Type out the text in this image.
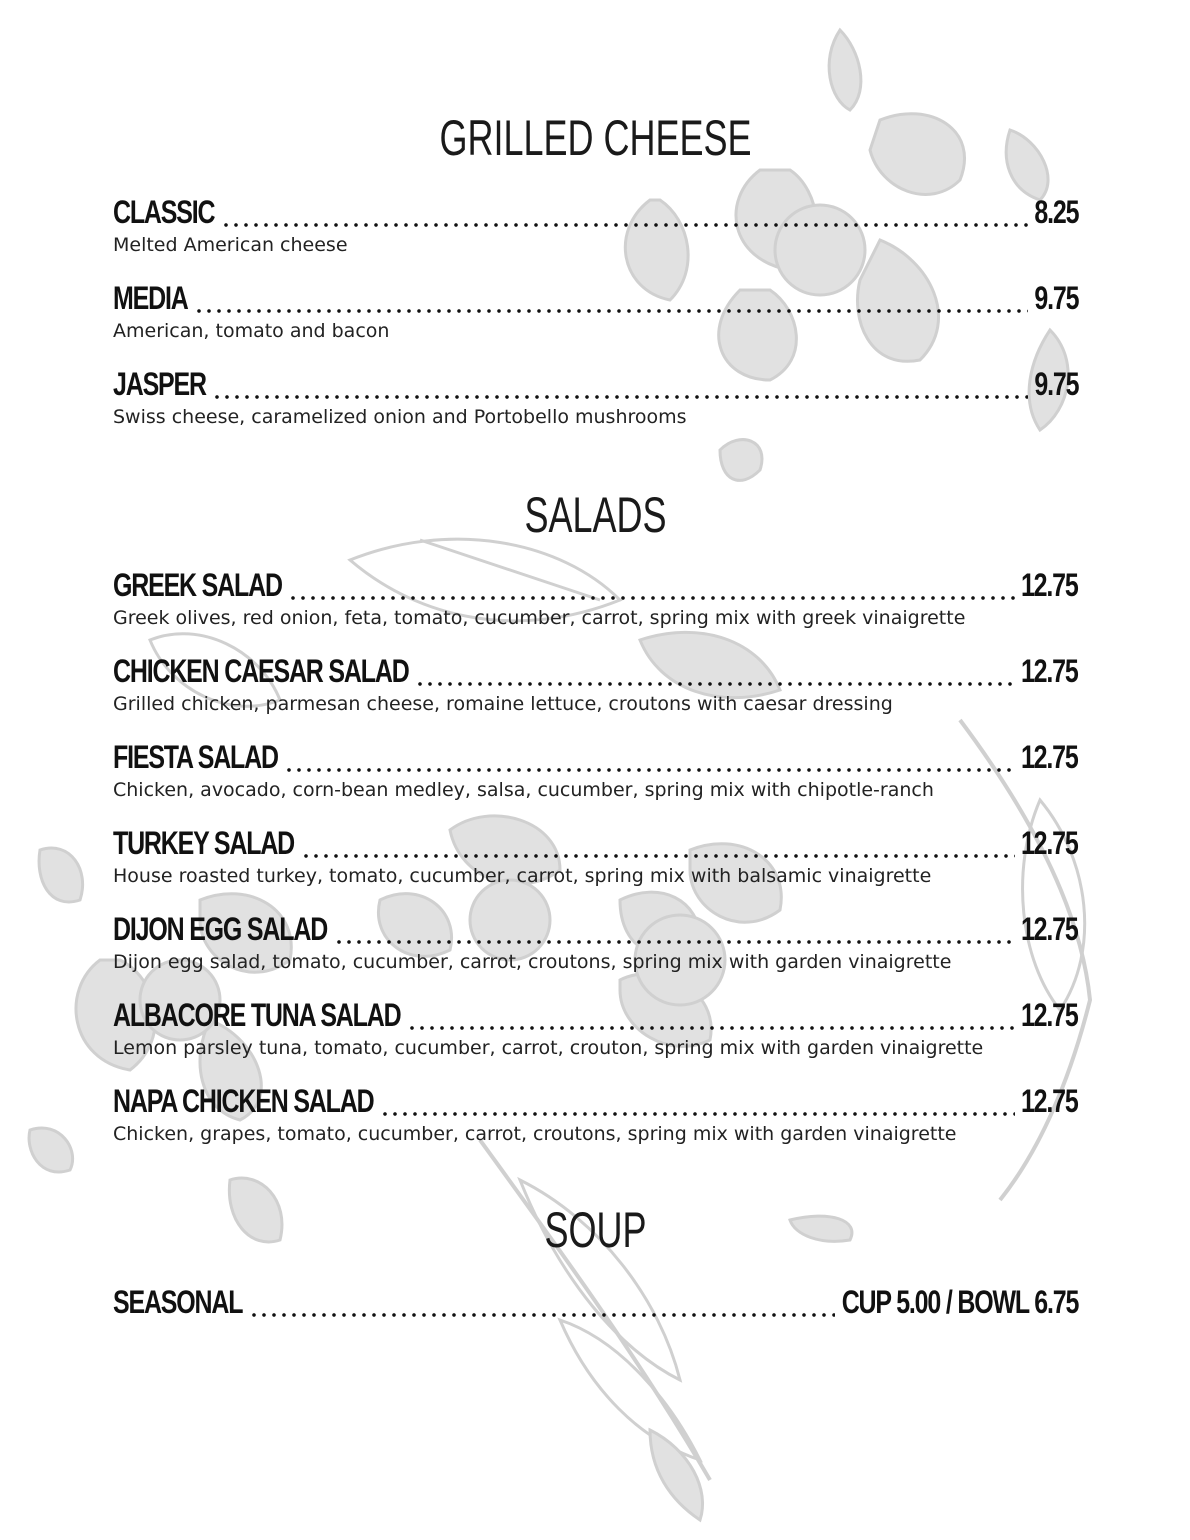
GRILLED CHEESE
CLASSIC	8.25
Melted American cheese
MEDIA	9.75
American, tomato and bacon
JASPER	9.75
Swiss cheese, caramelized onion and Portobello mushrooms
SALADS
GREEK SALAD	12.75
Greek olives, red onion, feta, tomato, cucumber, carrot, spring mix with greek vinaigrette
CHICKEN CAESAR SALAD	12.75
Grilled chicken, parmesan cheese, romaine lettuce, croutons with caesar dressing
FIESTA SALAD	12.75
Chicken, avocado, corn-bean medley, salsa, cucumber, spring mix with chipotle-ranch
TURKEY SALAD	12.75
House roasted turkey, tomato, cucumber, carrot, spring mix with balsamic vinaigrette
DIJON EGG SALAD	12.75
Dijon egg salad, tomato, cucumber, carrot, croutons, spring mix with garden vinaigrette
ALBACORE TUNA SALAD	12.75
Lemon parsley tuna, tomato, cucumber, carrot, crouton, spring mix with garden vinaigrette
NAPA CHICKEN SALAD	12.75
Chicken, grapes, tomato, cucumber, carrot, croutons, spring mix with garden vinaigrette
SOUP
SEASONAL	CUP 5.00 / BOWL 6.75
